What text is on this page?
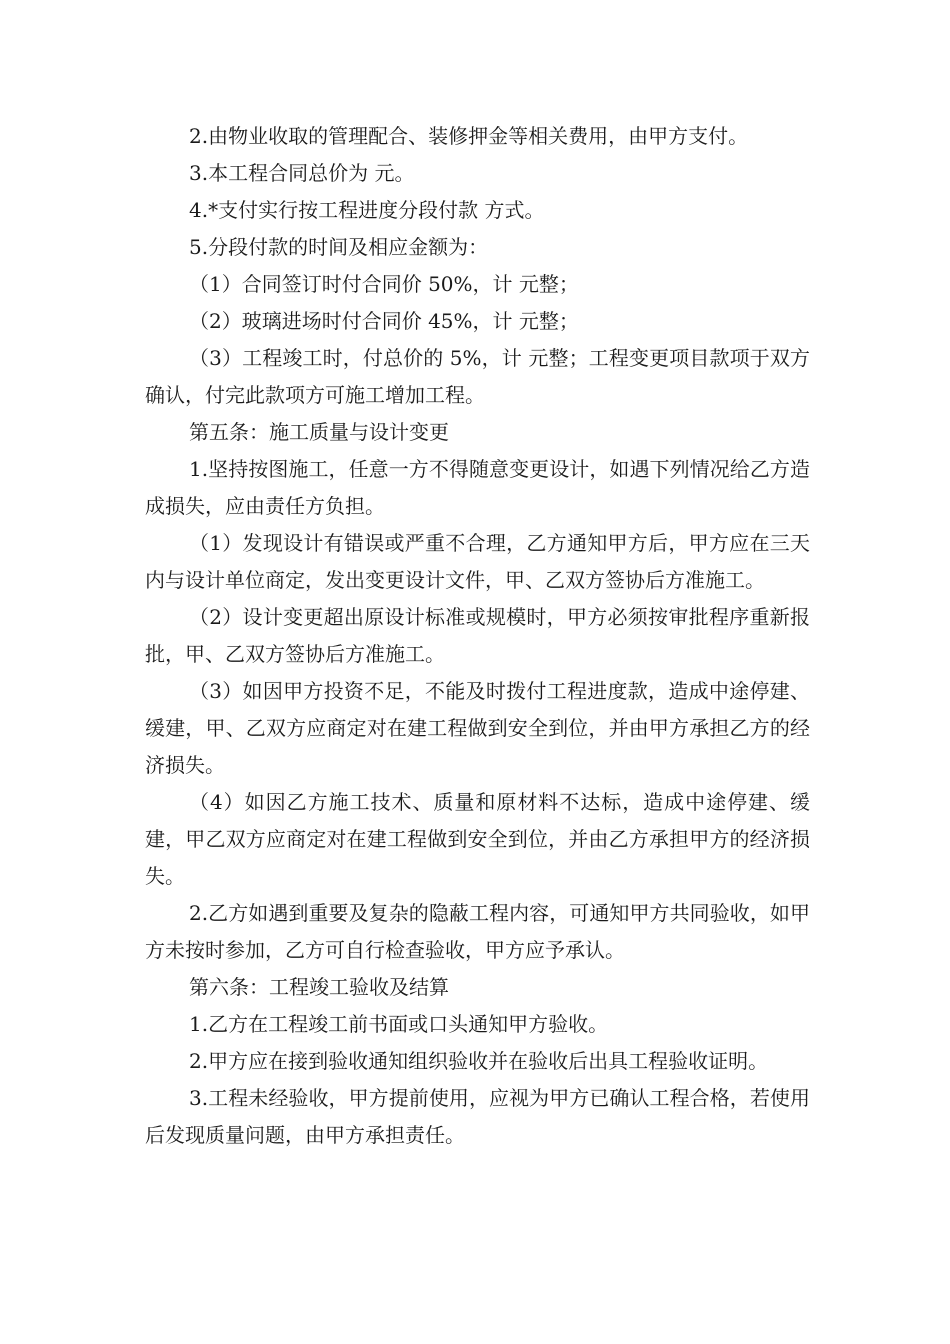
2.由物业收取的管理配合、装修押金等相关费用，由甲方支付。

3.本工程合同总价为 元。

4.*支付实行按工程进度分段付款 方式。

5.分段付款的时间及相应金额为：

（1）合同签订时付合同价 50%，计 元整；

（2）玻璃进场时付合同价 45%，计 元整；

（3）工程竣工时，付总价的 5%，计 元整；工程变更项目款项于双方确认，付完此款项方可施工增加工程。

第五条：施工质量与设计变更

1.坚持按图施工，任意一方不得随意变更设计，如遇下列情况给乙方造成损失，应由责任方负担。

（1）发现设计有错误或严重不合理，乙方通知甲方后，甲方应在三天内与设计单位商定，发出变更设计文件，甲、乙双方签协后方准施工。

（2）设计变更超出原设计标准或规模时，甲方必须按审批程序重新报批，甲、乙双方签协后方准施工。

（3）如因甲方投资不足，不能及时拨付工程进度款，造成中途停建、缓建，甲、乙双方应商定对在建工程做到安全到位，并由甲方承担乙方的经济损失。

（4）如因乙方施工技术、质量和原材料不达标，造成中途停建、缓建，甲乙双方应商定对在建工程做到安全到位，并由乙方承担甲方的经济损失。

2.乙方如遇到重要及复杂的隐蔽工程内容，可通知甲方共同验收，如甲方未按时参加，乙方可自行检查验收，甲方应予承认。

第六条：工程竣工验收及结算

1.乙方在工程竣工前书面或口头通知甲方验收。

2.甲方应在接到验收通知组织验收并在验收后出具工程验收证明。

3.工程未经验收，甲方提前使用，应视为甲方已确认工程合格，若使用后发现质量问题，由甲方承担责任。
